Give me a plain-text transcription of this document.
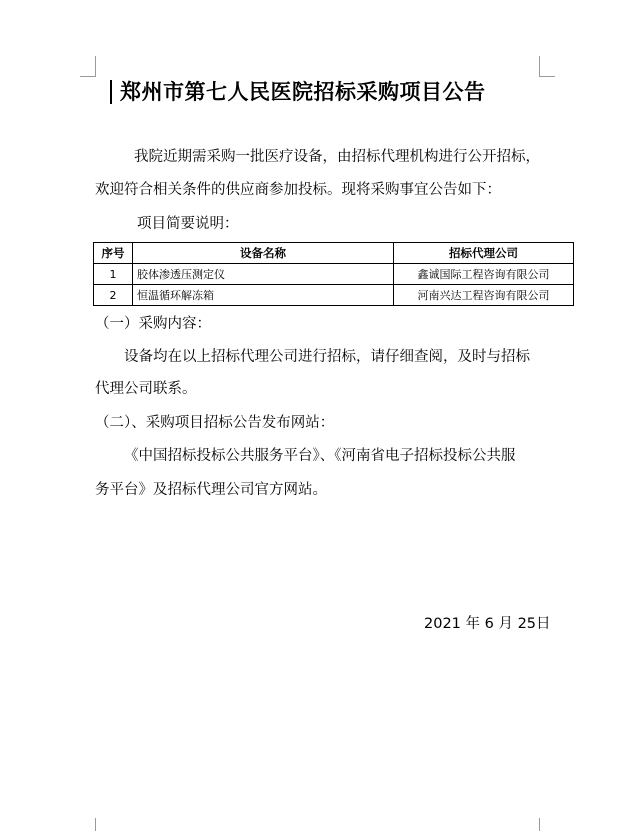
郑州市第七人民医院招标采购项目公告
我院近期需采购一批医疗设备，由招标代理机构进行公开招标，
欢迎符合相关条件的供应商参加投标。现将采购事宜公告如下：
项目简要说明：
序号	设备名称	招标代理公司
1	胶体渗透压测定仪	鑫诚国际工程咨询有限公司
2	恒温循环解冻箱	河南兴达工程咨询有限公司
（一）采购内容：
设备均在以上招标代理公司进行招标，请仔细查阅，及时与招标
代理公司联系。
（二）、采购项目招标公告发布网站：
《中国招标投标公共服务平台》、《河南省电子招标投标公共服
务平台》及招标代理公司官方网站。
2021 年 6 月 25日
